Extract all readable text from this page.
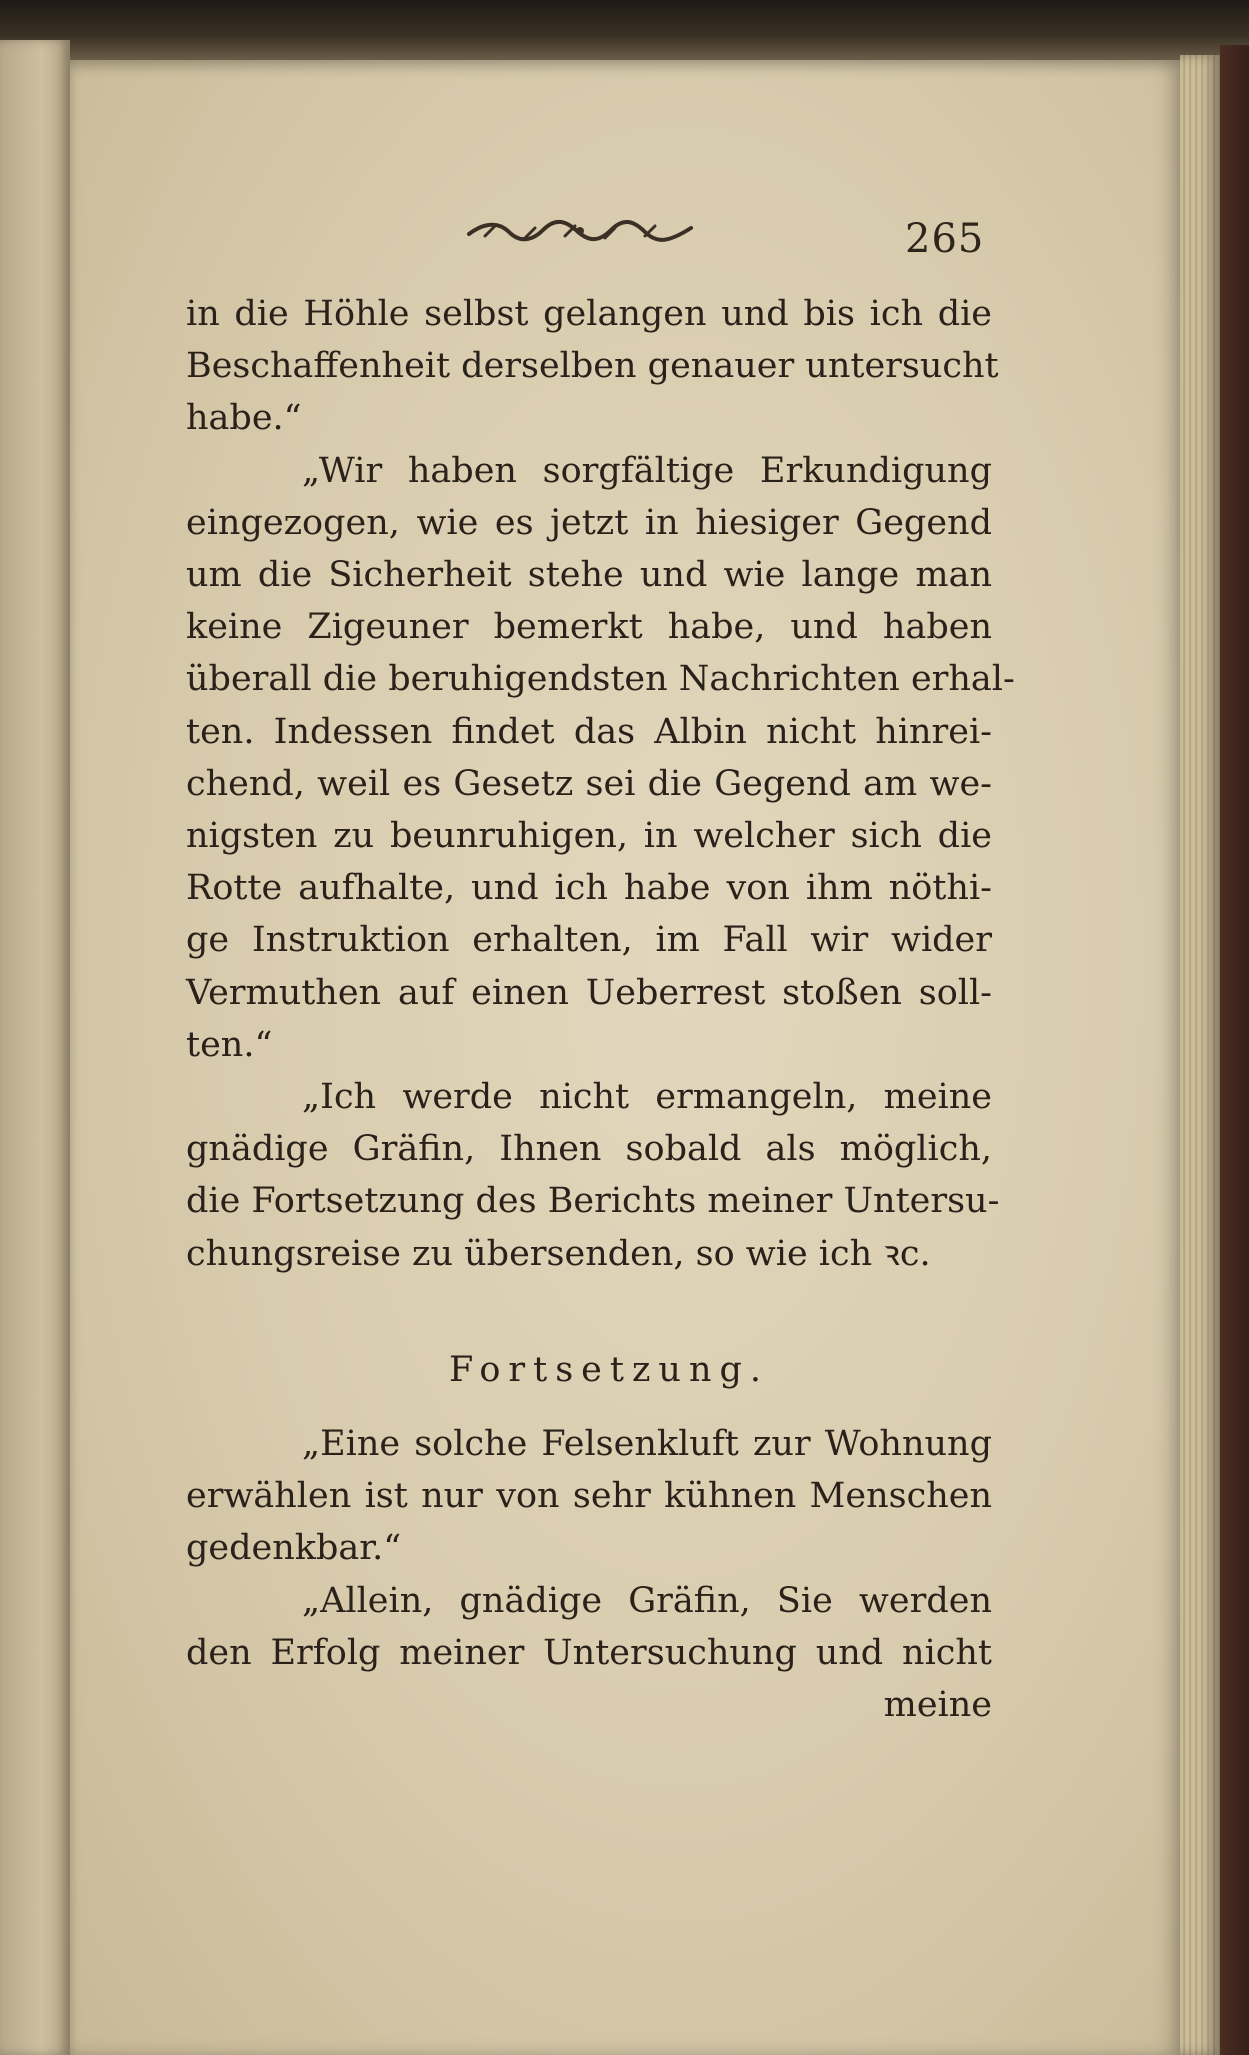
265
in die Höhle selbst gelangen und bis ich die
Beschaffenheit derselben genauer untersucht
habe.“
„Wir haben sorgfältige Erkundigung
eingezogen, wie es jetzt in hiesiger Gegend
um die Sicherheit stehe und wie lange man
keine Zigeuner bemerkt habe, und haben
überall die beruhigendsten Nachrichten erhal-
ten. Indessen findet das Albin nicht hinrei-
chend, weil es Gesetz sei die Gegend am we-
nigsten zu beunruhigen, in welcher sich die
Rotte aufhalte, und ich habe von ihm nöthi-
ge Instruktion erhalten, im Fall wir wider
Vermuthen auf einen Ueberrest stoßen soll-
ten.“
„Ich werde nicht ermangeln, meine
gnädige Gräfin, Ihnen sobald als möglich,
die Fortsetzung des Berichts meiner Untersu-
chungsreise zu übersenden, so wie ich ꝛc.
Fortsetzung.
„Eine solche Felsenkluft zur Wohnung
erwählen ist nur von sehr kühnen Menschen
gedenkbar.“
„Allein, gnädige Gräfin, Sie werden
den Erfolg meiner Untersuchung und nicht
meine
